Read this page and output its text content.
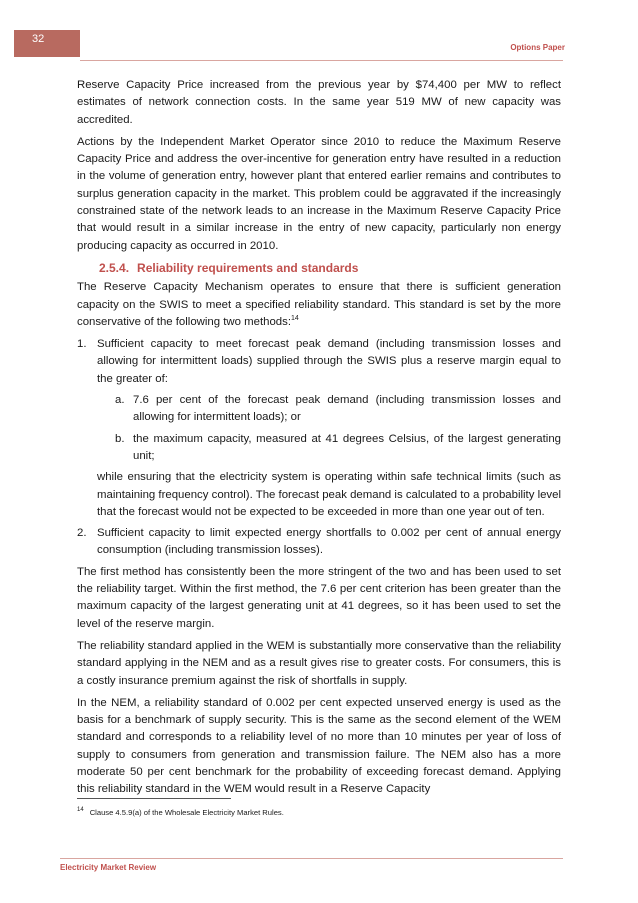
32
Options Paper

Reserve Capacity Price increased from the previous year by $74,400 per MW to reflect estimates of network connection costs. In the same year 519 MW of new capacity was accredited.

Actions by the Independent Market Operator since 2010 to reduce the Maximum Reserve Capacity Price and address the over-incentive for generation entry have resulted in a reduction in the volume of generation entry, however plant that entered earlier remains and contributes to surplus generation capacity in the market. This problem could be aggravated if the increasingly constrained state of the network leads to an increase in the Maximum Reserve Capacity Price that would result in a similar increase in the entry of new capacity, particularly non energy producing capacity as occurred in 2010.

2.5.4. Reliability requirements and standards

The Reserve Capacity Mechanism operates to ensure that there is sufficient generation capacity on the SWIS to meet a specified reliability standard. This standard is set by the more conservative of the following two methods:$^{14}$

1. Sufficient capacity to meet forecast peak demand (including transmission losses and allowing for intermittent loads) supplied through the SWIS plus a reserve margin equal to the greater of:
a. 7.6 per cent of the forecast peak demand (including transmission losses and allowing for intermittent loads); or
b. the maximum capacity, measured at 41 degrees Celsius, of the largest generating unit;
while ensuring that the electricity system is operating within safe technical limits (such as maintaining frequency control). The forecast peak demand is calculated to a probability level that the forecast would not be expected to be exceeded in more than one year out of ten.
2. Sufficient capacity to limit expected energy shortfalls to 0.002 per cent of annual energy consumption (including transmission losses).

The first method has consistently been the more stringent of the two and has been used to set the reliability target. Within the first method, the 7.6 per cent criterion has been greater than the maximum capacity of the largest generating unit at 41 degrees, so it has been used to set the level of the reserve margin.

The reliability standard applied in the WEM is substantially more conservative than the reliability standard applying in the NEM and as a result gives rise to greater costs. For consumers, this is a costly insurance premium against the risk of shortfalls in supply.

In the NEM, a reliability standard of 0.002 per cent expected unserved energy is used as the basis for a benchmark of supply security. This is the same as the second element of the WEM standard and corresponds to a reliability level of no more than 10 minutes per year of loss of supply to consumers from generation and transmission failure. The NEM also has a more moderate 50 per cent benchmark for the probability of exceeding forecast demand. Applying this reliability standard in the WEM would result in a Reserve Capacity

$^{14}$ Clause 4.5.9(a) of the Wholesale Electricity Market Rules.
Electricity Market Review
